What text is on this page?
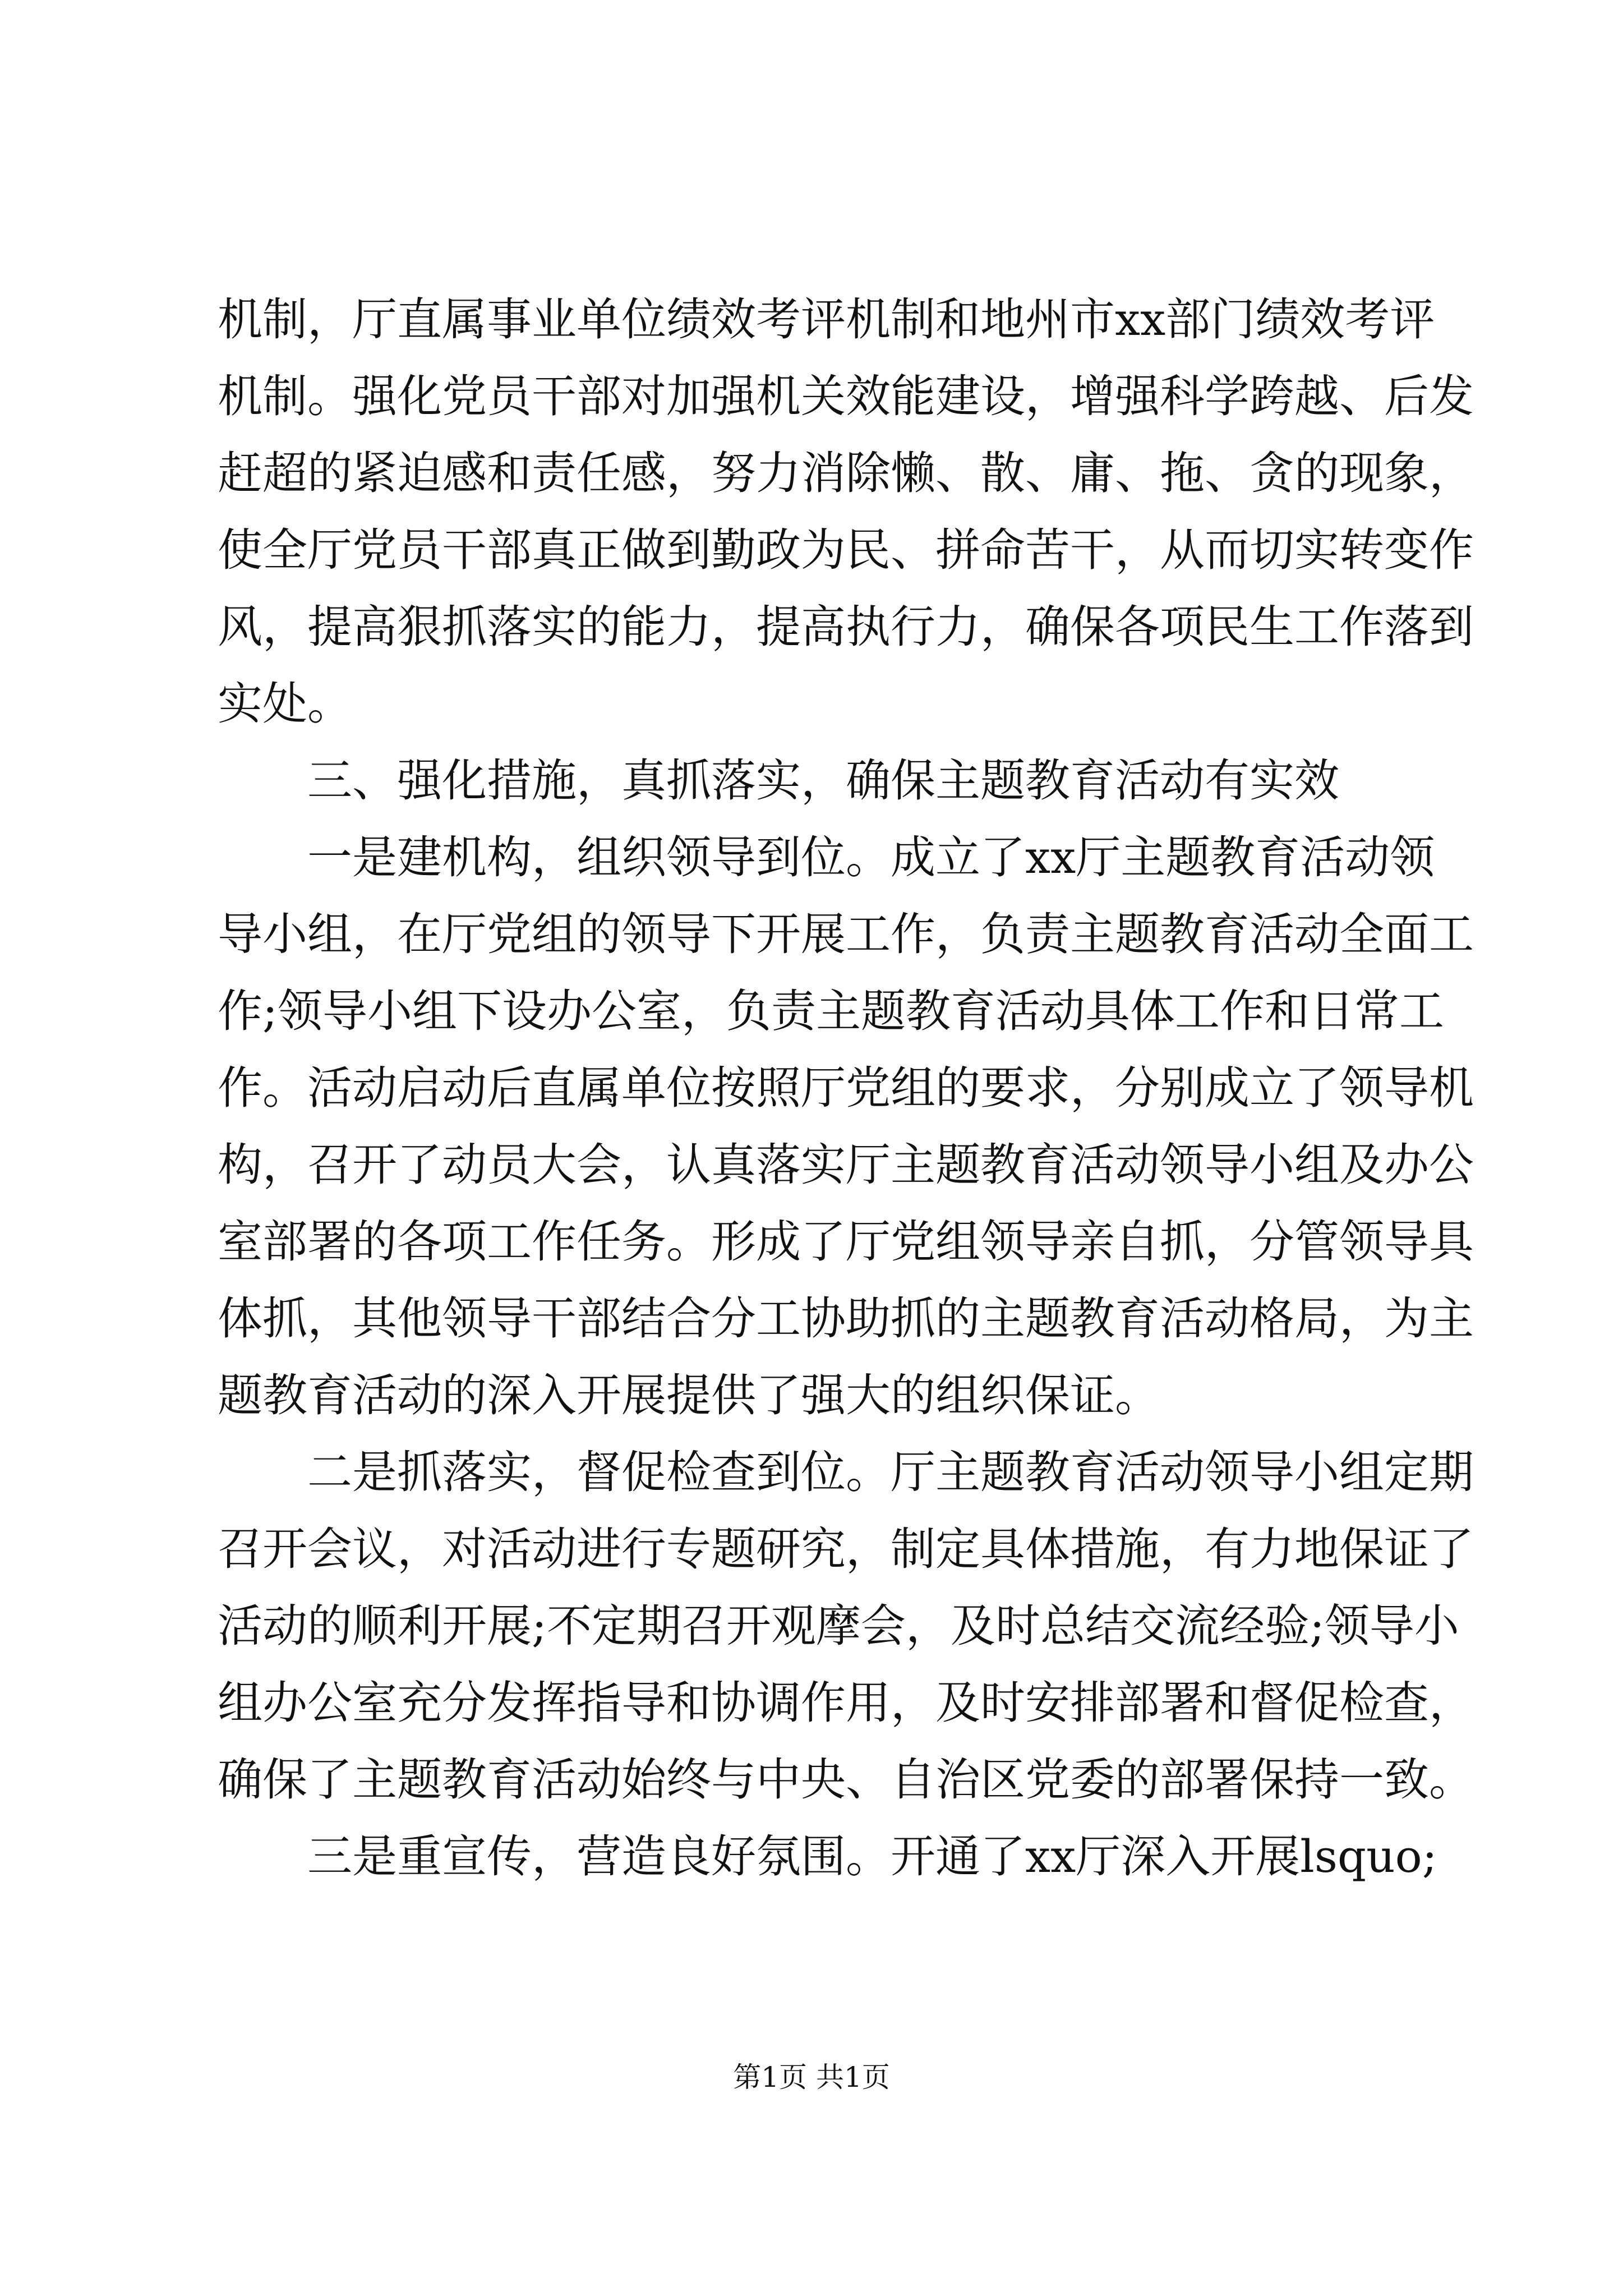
机制，厅直属事业单位绩效考评机制和地州市xx部门绩效考评
机制。强化党员干部对加强机关效能建设，增强科学跨越、后发
赶超的紧迫感和责任感，努力消除懒、散、庸、拖、贪的现象，
使全厅党员干部真正做到勤政为民、拼命苦干，从而切实转变作
风，提高狠抓落实的能力，提高执行力，确保各项民生工作落到
实处。
三、强化措施，真抓落实，确保主题教育活动有实效
一是建机构，组织领导到位。成立了xx厅主题教育活动领
导小组，在厅党组的领导下开展工作，负责主题教育活动全面工
作;领导小组下设办公室，负责主题教育活动具体工作和日常工
作。活动启动后直属单位按照厅党组的要求，分别成立了领导机
构，召开了动员大会，认真落实厅主题教育活动领导小组及办公
室部署的各项工作任务。形成了厅党组领导亲自抓，分管领导具
体抓，其他领导干部结合分工协助抓的主题教育活动格局，为主
题教育活动的深入开展提供了强大的组织保证。
二是抓落实，督促检查到位。厅主题教育活动领导小组定期
召开会议，对活动进行专题研究，制定具体措施，有力地保证了
活动的顺利开展;不定期召开观摩会，及时总结交流经验;领导小
组办公室充分发挥指导和协调作用，及时安排部署和督促检查，
确保了主题教育活动始终与中央、自治区党委的部署保持一致。
三是重宣传，营造良好氛围。开通了xx厅深入开展lsquo;
第1页 共1页
